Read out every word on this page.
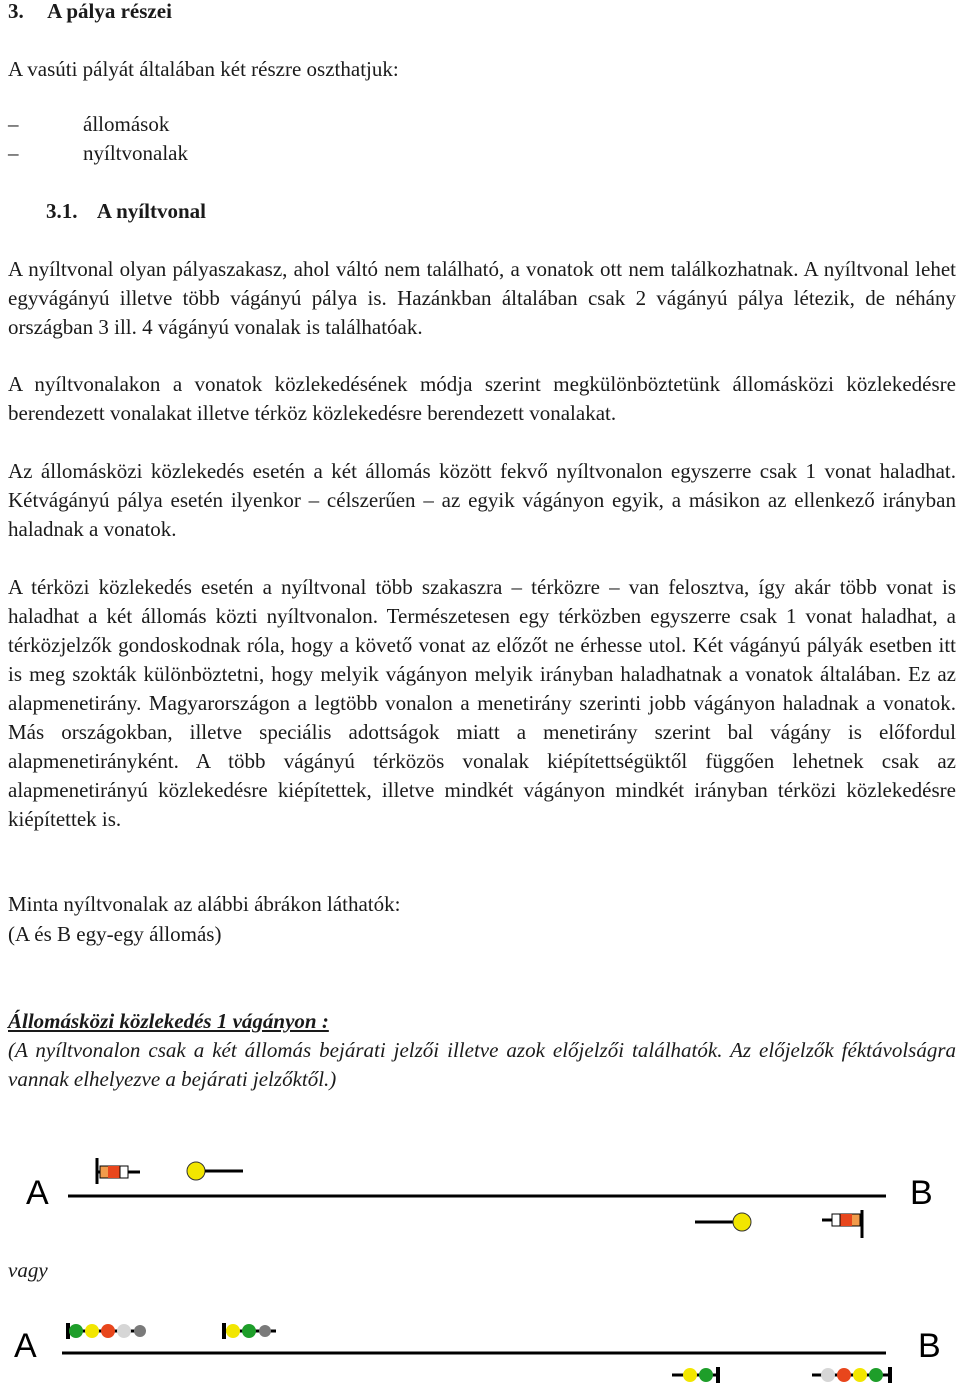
3. A pálya részei

A vasúti pályát általában két részre oszthatjuk:

–	állomások
–	nyíltvonalak
3.1. A nyíltvonal

A nyíltvonal olyan pályaszakasz, ahol váltó nem található, a vonatok ott nem találkozhatnak. A nyíltvonal lehet egyvágányú illetve több vágányú pálya is. Hazánkban általában csak 2 vágányú pálya létezik, de néhány országban 3 ill. 4 vágányú vonalak is találhatóak.

A nyíltvonalakon a vonatok közlekedésének módja szerint megkülönböztetünk állomásközi közlekedésre berendezett vonalakat illetve térköz közlekedésre berendezett vonalakat.

Az állomásközi közlekedés esetén a két állomás között fekvő nyíltvonalon egyszerre csak 1 vonat haladhat. Kétvágányú pálya esetén ilyenkor – célszerűen – az egyik vágányon egyik, a másikon az ellenkező irányban haladnak a vonatok.

A térközi közlekedés esetén a nyíltvonal több szakaszra – térközre – van felosztva, így akár több vonat is haladhat a két állomás közti nyíltvonalon. Természetesen egy térközben egyszerre csak 1 vonat haladhat, a térközjelzők gondoskodnak róla, hogy a követő vonat az előzőt ne érhesse utol. Két vágányú pályák esetben itt is meg szokták különböztetni, hogy melyik vágányon melyik irányban haladhatnak a vonatok általában. Ez az alapmenetirány. Magyarországon a legtöbb vonalon a menetirány szerinti jobb vágányon haladnak a vonatok. Más országokban, illetve speciális adottságok miatt a menetirány szerint bal vágány is előfordul alapmenetirányként. A több vágányú térközös vonalak kiépítettségüktől függően lehetnek csak az alapmenetirányú közlekedésre kiépítettek, illetve mindkét vágányon mindkét irányban térközi közlekedésre kiépítettek is.

Minta nyíltvonalak az alábbi ábrákon láthatók:

(A és B egy-egy állomás)

Állomásközi közlekedés 1 vágányon :

(A nyíltvonalon csak a két állomás bejárati jelzői illetve azok előjelzői találhatók. Az előjelzők féktávolságra vannak elhelyezve a bejárati jelzőktől.)

A	B
vagy
A	B
